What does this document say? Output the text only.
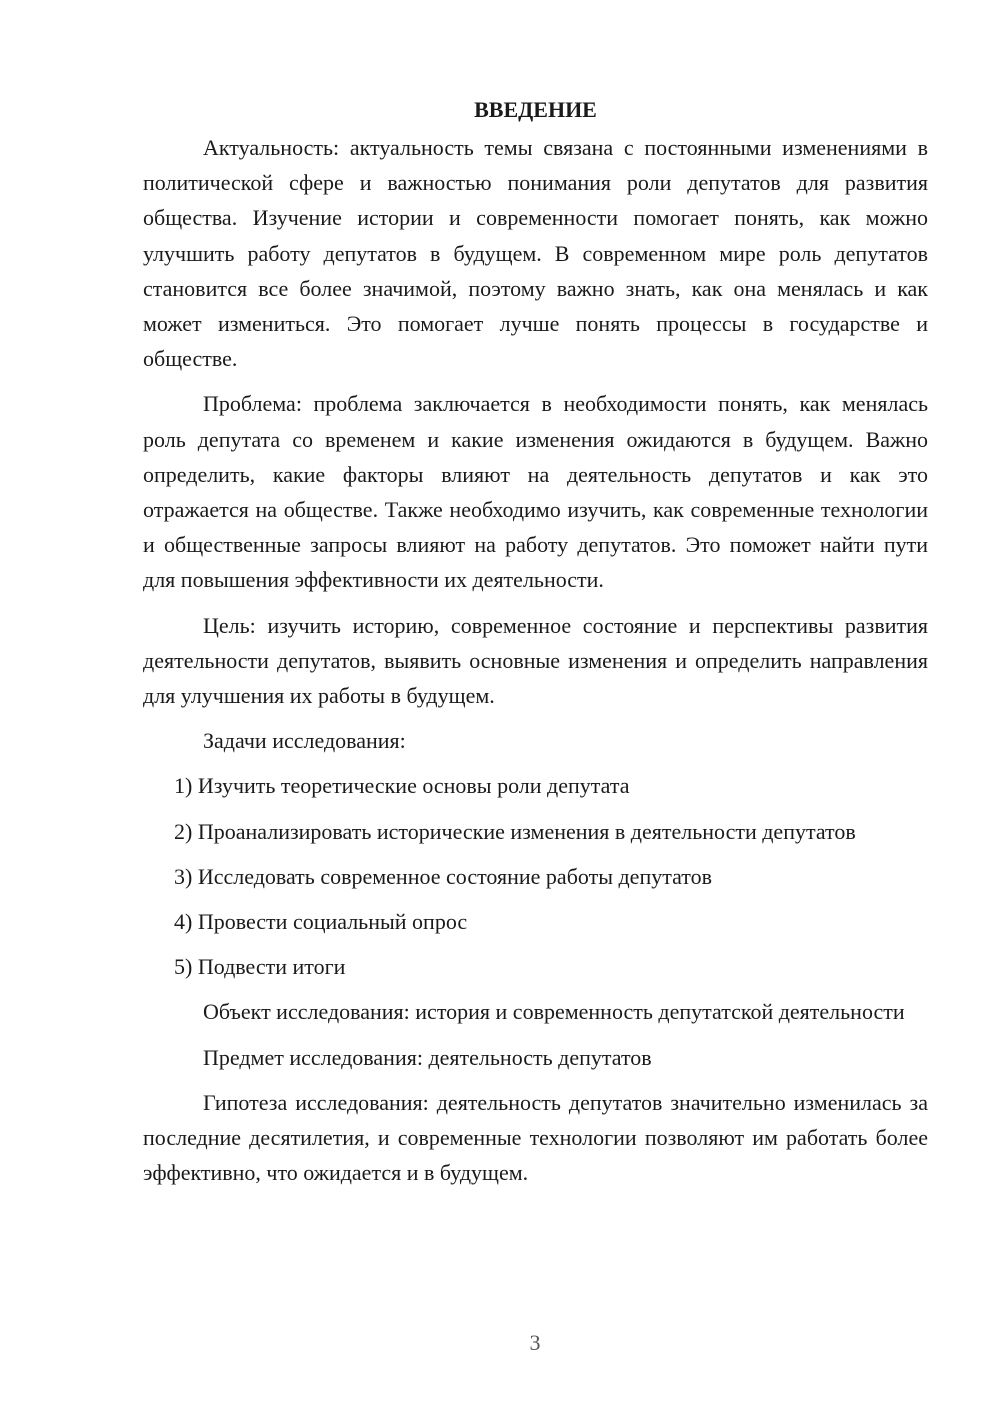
ВВЕДЕНИЕ

Актуальность: актуальность темы связана с постоянными изменениями в политической сфере и важностью понимания роли депутатов для развития общества. Изучение истории и современности помогает понять, как можно улучшить работу депутатов в будущем. В современном мире роль депутатов становится все более значимой, поэтому важно знать, как она менялась и как может измениться. Это помогает лучше понять процессы в государстве и обществе.

Проблема: проблема заключается в необходимости понять, как менялась роль депутата со временем и какие изменения ожидаются в будущем. Важно определить, какие факторы влияют на деятельность депутатов и как это отражается на обществе. Также необходимо изучить, как современные технологии и общественные запросы влияют на работу депутатов. Это поможет найти пути для повышения эффективности их деятельности.

Цель: изучить историю, современное состояние и перспективы развития деятельности депутатов, выявить основные изменения и определить направления для улучшения их работы в будущем.

Задачи исследования:

1) Изучить теоретические основы роли депутата

2) Проанализировать исторические изменения в деятельности депутатов

3) Исследовать современное состояние работы депутатов

4) Провести социальный опрос

5) Подвести итоги

Объект исследования: история и современность депутатской деятельности

Предмет исследования: деятельность депутатов

Гипотеза исследования: деятельность депутатов значительно изменилась за последние десятилетия, и современные технологии позволяют им работать более эффективно, что ожидается и в будущем.

3
